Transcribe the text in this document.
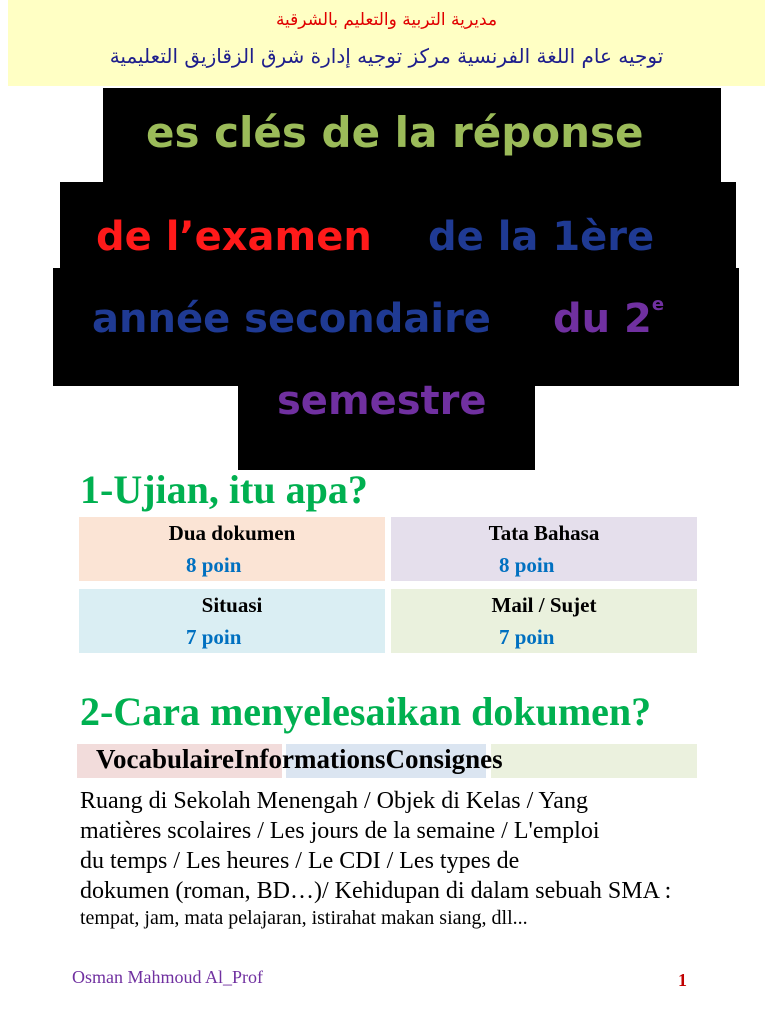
مديرية التربية والتعليم بالشرقية
توجيه عام اللغة الفرنسية مركز توجيه إدارة شرق الزقازيق التعليمية
es clés de la réponse
de l’examen	de la 1ère
année secondaire	du 2e
semestre
1-Ujian, itu apa?
Dua dokumen
8 poin
Tata Bahasa
8 poin
Situasi
7 poin
Mail / Sujet
7 poin
2-Cara menyelesaikan dokumen?
VocabulaireInformationsConsignes
Ruang di Sekolah Menengah / Objek di Kelas / Yang
matières scolaires / Les jours de la semaine / L'emploi
du temps / Les heures / Le CDI / Les types de
dokumen (roman, BD…)/ Kehidupan di dalam sebuah SMA :
tempat, jam, mata pelajaran, istirahat makan siang, dll...
Osman Mahmoud Al_Prof	1
